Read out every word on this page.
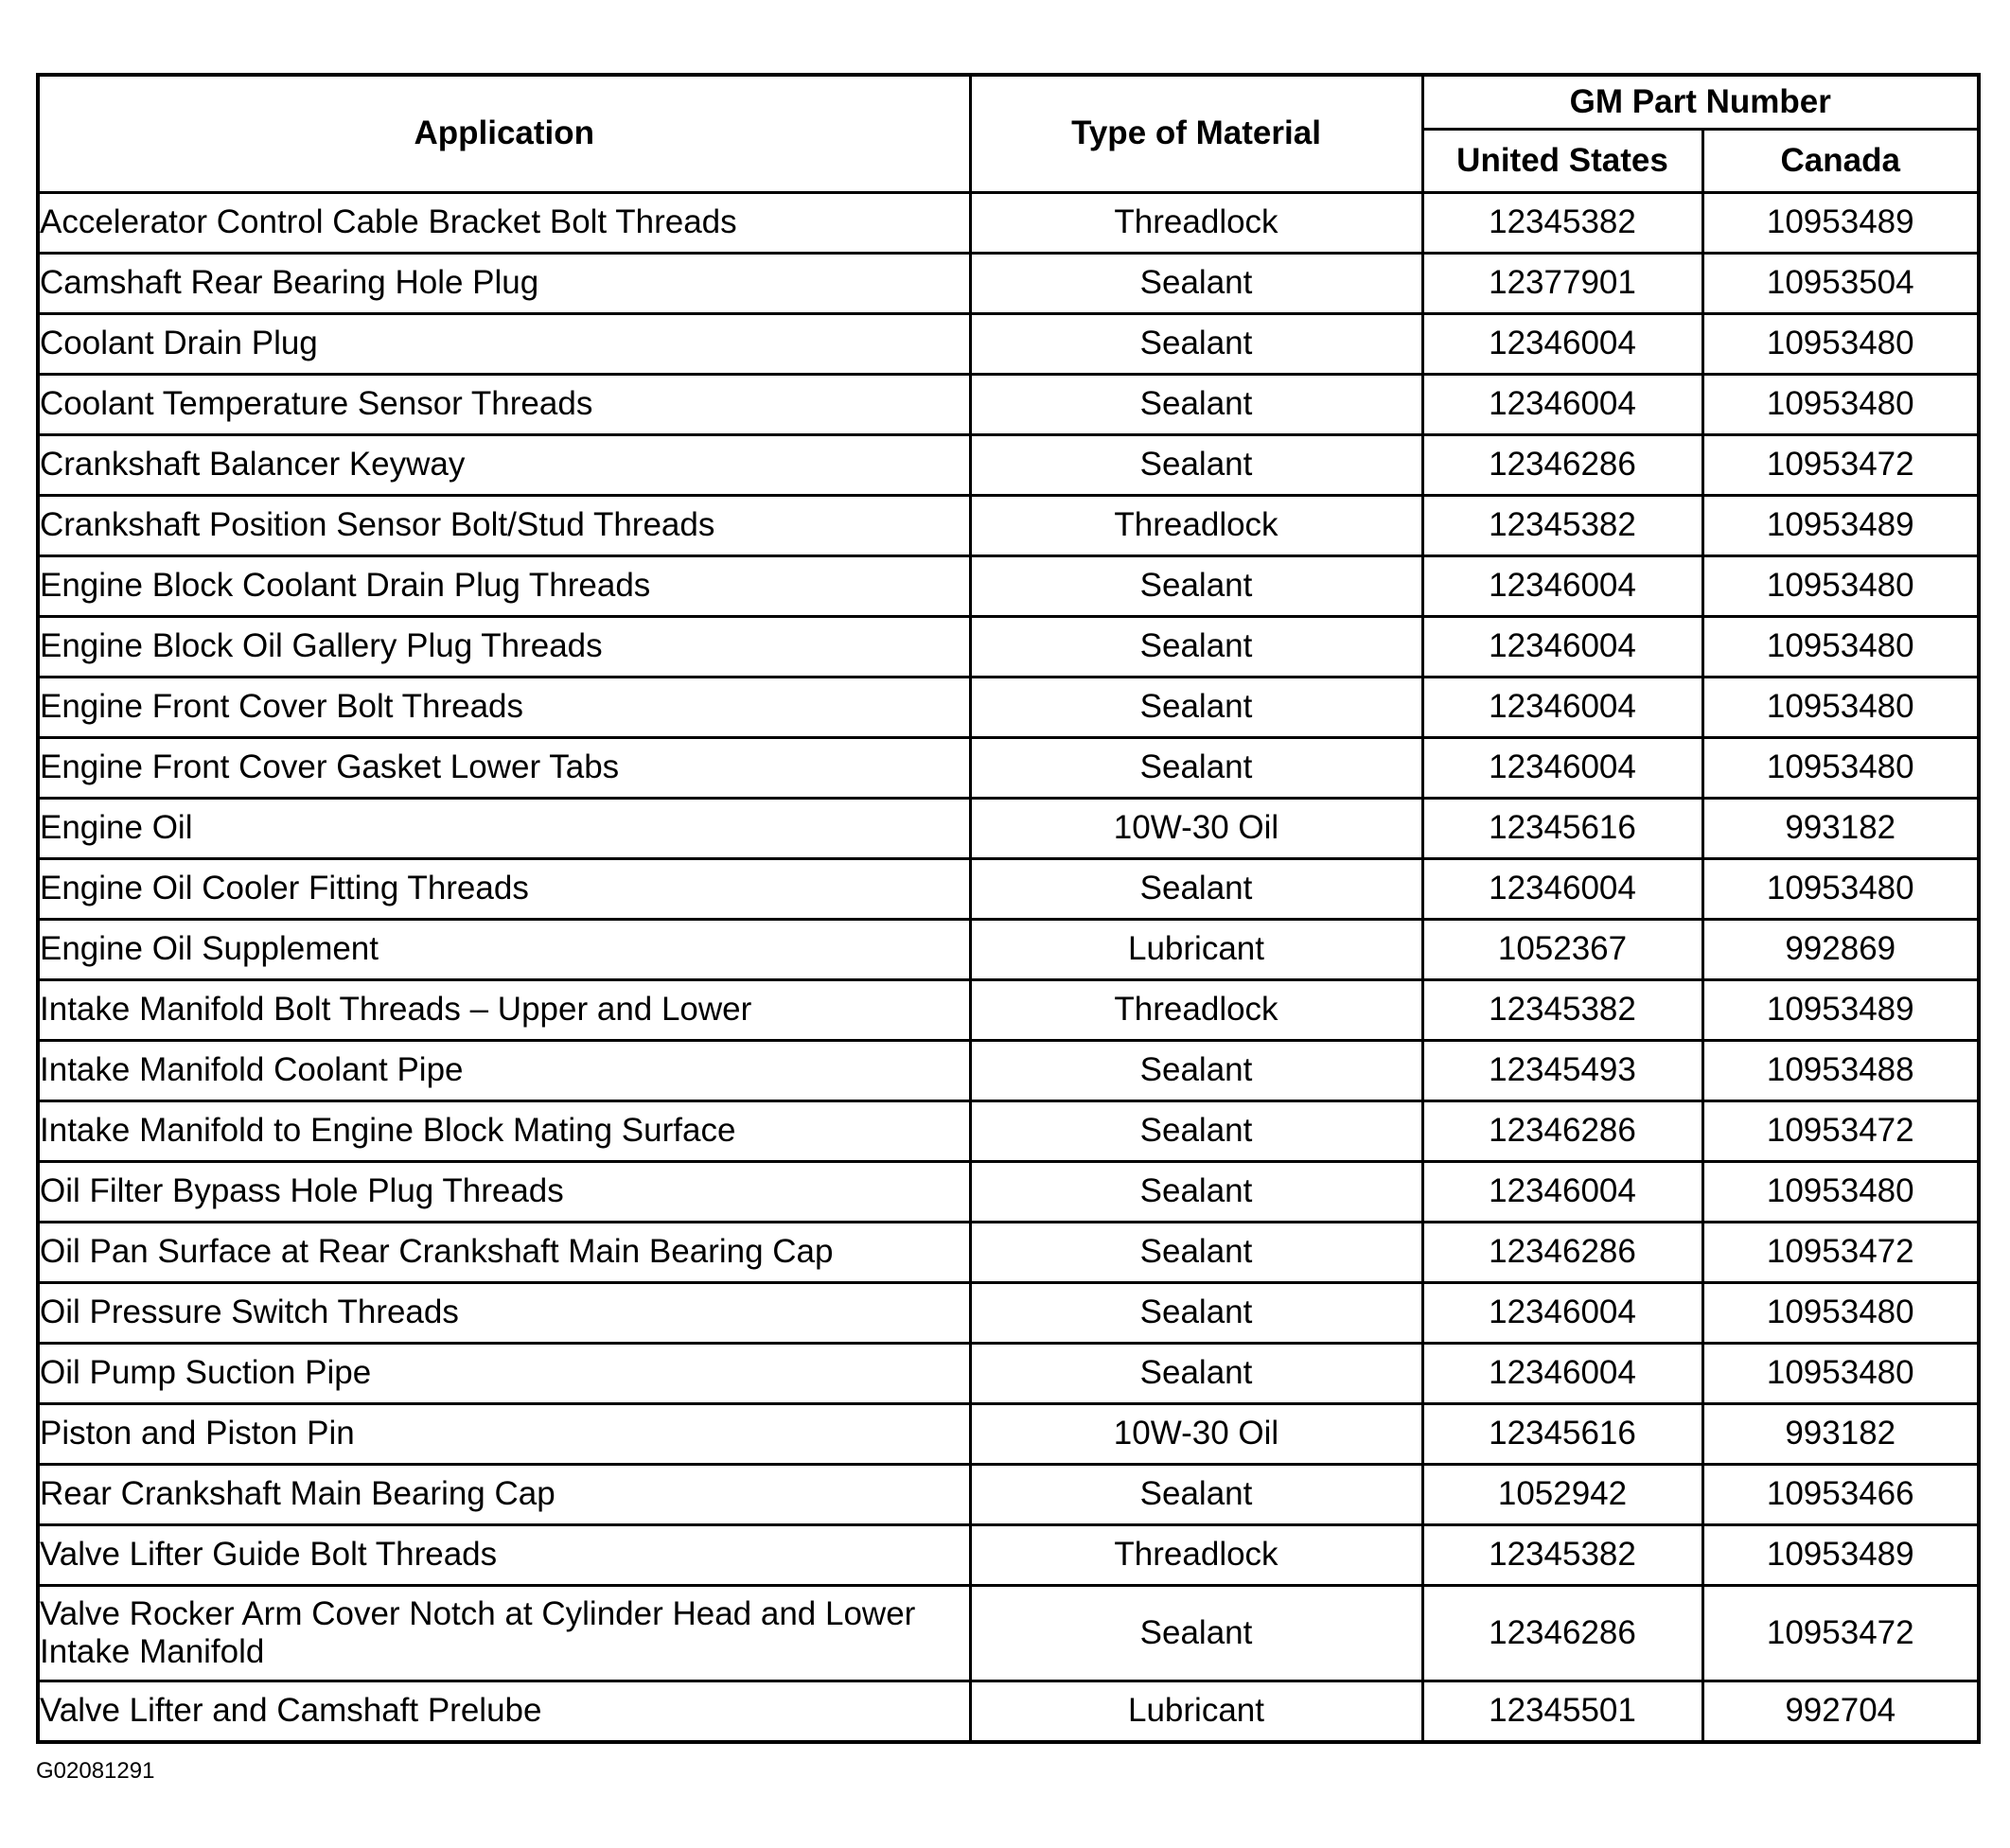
Application	Type of Material	GM Part Number	
		United States	Canada
Accelerator Control Cable Bracket Bolt Threads	Threadlock	12345382	10953489
Camshaft Rear Bearing Hole Plug	Sealant	12377901	10953504
Coolant Drain Plug	Sealant	12346004	10953480
Coolant Temperature Sensor Threads	Sealant	12346004	10953480
Crankshaft Balancer Keyway	Sealant	12346286	10953472
Crankshaft Position Sensor Bolt/Stud Threads	Threadlock	12345382	10953489
Engine Block Coolant Drain Plug Threads	Sealant	12346004	10953480
Engine Block Oil Gallery Plug Threads	Sealant	12346004	10953480
Engine Front Cover Bolt Threads	Sealant	12346004	10953480
Engine Front Cover Gasket Lower Tabs	Sealant	12346004	10953480
Engine Oil	10W-30 Oil	12345616	993182
Engine Oil Cooler Fitting Threads	Sealant	12346004	10953480
Engine Oil Supplement	Lubricant	1052367	992869
Intake Manifold Bolt Threads – Upper and Lower	Threadlock	12345382	10953489
Intake Manifold Coolant Pipe	Sealant	12345493	10953488
Intake Manifold to Engine Block Mating Surface	Sealant	12346286	10953472
Oil Filter Bypass Hole Plug Threads	Sealant	12346004	10953480
Oil Pan Surface at Rear Crankshaft Main Bearing Cap	Sealant	12346286	10953472
Oil Pressure Switch Threads	Sealant	12346004	10953480
Oil Pump Suction Pipe	Sealant	12346004	10953480
Piston and Piston Pin	10W-30 Oil	12345616	993182
Rear Crankshaft Main Bearing Cap	Sealant	1052942	10953466
Valve Lifter Guide Bolt Threads	Threadlock	12345382	10953489
Valve Rocker Arm Cover Notch at Cylinder Head and Lower Intake Manifold	Sealant	12346286	10953472
Valve Lifter and Camshaft Prelube	Lubricant	12345501	992704
G02081291
